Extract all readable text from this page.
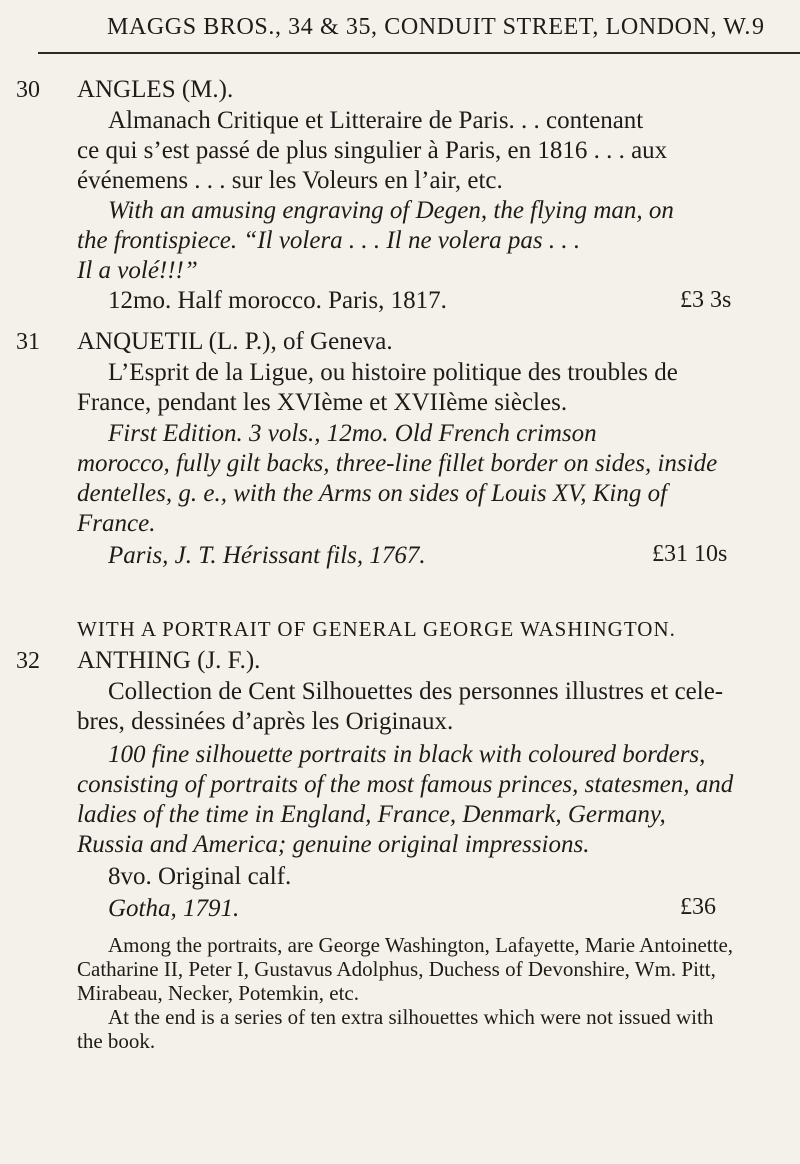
MAGGS BROS., 34 & 35, CONDUIT STREET, LONDON, W. 9
30 ANGLES (M.).
Almanach Critique et Litteraire de Paris. . . contenant
ce qui s’est passé de plus singulier à Paris, en 1816 . . . aux
événemens . . . sur les Voleurs en l’air, etc.
With an amusing engraving of Degen, the flying man, on
the frontispiece. “Il volera . . . Il ne volera pas . . .
Il a volé!!!”
12mo. Half morocco. Paris, 1817.	£3 3s
31 ANQUETIL (L. P.), of Geneva.
L’Esprit de la Ligue, ou histoire politique des troubles de
France, pendant les XVIème et XVIIème siècles.
First Edition. 3 vols., 12mo. Old French crimson
morocco, fully gilt backs, three-line fillet border on sides, inside
dentelles, g. e., with the Arms on sides of Louis XV, King of
France.
Paris, J. T. Hérissant fils, 1767.	£31 10s
WITH A PORTRAIT OF GENERAL GEORGE WASHINGTON.
32 ANTHING (J. F.).
Collection de Cent Silhouettes des personnes illustres et cele-
bres, dessinées d’après les Originaux.
100 fine silhouette portraits in black with coloured borders,
consisting of portraits of the most famous princes, statesmen, and
ladies of the time in England, France, Denmark, Germany,
Russia and America; genuine original impressions.
8vo. Original calf.
Gotha, 1791.	£36
Among the portraits, are George Washington, Lafayette, Marie Antoinette,
Catharine II, Peter I, Gustavus Adolphus, Duchess of Devonshire, Wm. Pitt,
Mirabeau, Necker, Potemkin, etc.
At the end is a series of ten extra silhouettes which were not issued with
the book.
